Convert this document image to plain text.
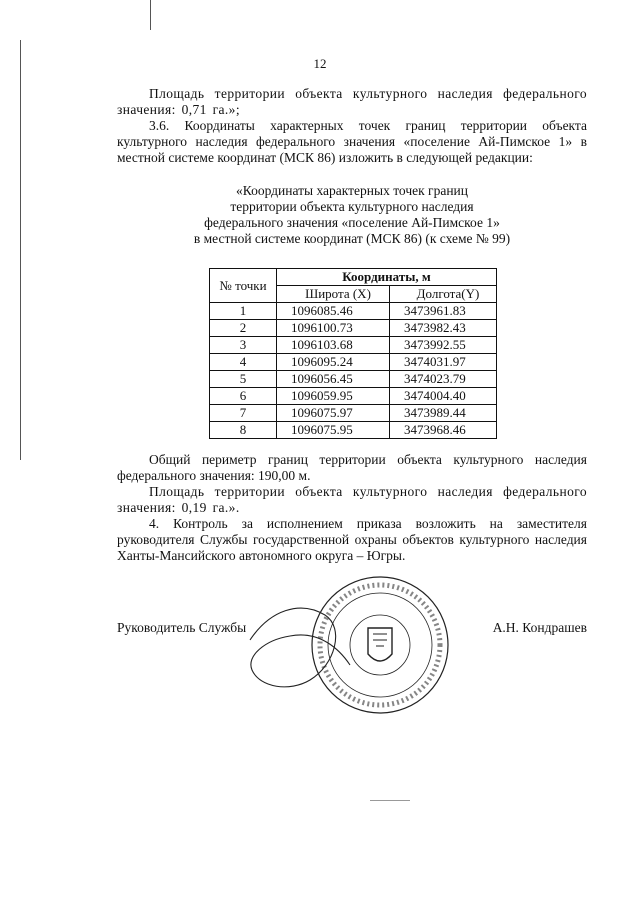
12

Площадь территории объекта культурного наследия федерального значения: 0,71 га.»;

3.6. Координаты характерных точек границ территории объекта культурного наследия федерального значения «поселение Ай-Пимское 1» в местной системе координат (МСК 86) изложить в следующей редакции:

«Координаты характерных точек границ
территории объекта культурного наследия
федерального значения «поселение Ай-Пимское 1»
в местной системе координат (МСК 86) (к схеме № 99)
№ точки	Координаты, м	
	Широта (X)	Долгота(Y)
1	1096085.46	3473961.83
2	1096100.73	3473982.43
3	1096103.68	3473992.55
4	1096095.24	3474031.97
5	1096056.45	3474023.79
6	1096059.95	3474004.40
7	1096075.97	3473989.44
8	1096075.95	3473968.46

Общий периметр границ территории объекта культурного наследия федерального значения: 190,00 м.

Площадь территории объекта культурного наследия федерального значения: 0,19 га.».

4. Контроль за исполнением приказа возложить на заместителя руководителя Службы государственной охраны объектов культурного наследия Ханты-Мансийского автономного округа – Югры.

Руководитель Службы	А.Н. Кондрашев
